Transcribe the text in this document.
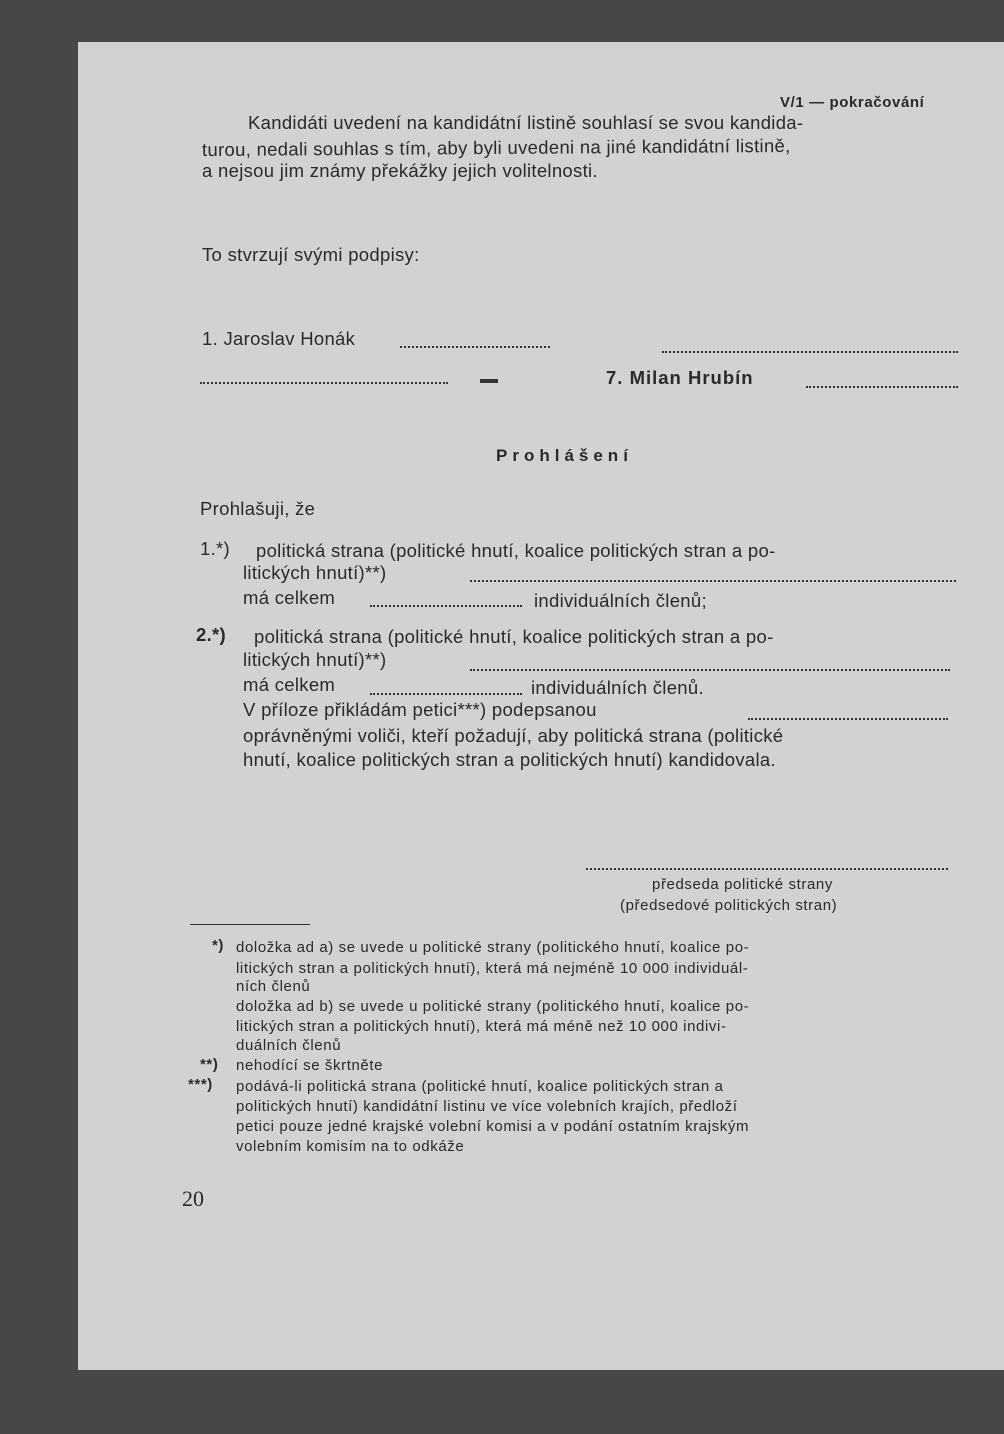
V/1 — pokračování
Kandidáti uvedení na kandidátní listině souhlasí se svou kandida-
turou, nedali souhlas s tím, aby byli uvedeni na jiné kandidátní listině,
a nejsou jim známy překážky jejich volitelnosti.
To stvrzují svými podpisy:
1. Jaroslav Honák
7. Milan Hrubín
Prohlášení
Prohlašuji, že
1.*) politická strana (politické hnutí, koalice politických stran a po-
litických hnutí)**)
má celkem	individuálních členů;
2.*) politická strana (politické hnutí, koalice politických stran a po-
litických hnutí)**)
má celkem	individuálních členů.
V příloze přikládám petici***) podepsanou
oprávněnými voliči, kteří požadují, aby politická strana (politické
hnutí, koalice politických stran a politických hnutí) kandidovala.
předseda politické strany
(předsedové politických stran)
*) doložka ad a) se uvede u politické strany (politického hnutí, koalice po-
litických stran a politických hnutí), která má nejméně 10 000 individuál-
ních členů
doložka ad b) se uvede u politické strany (politického hnutí, koalice po-
litických stran a politických hnutí), která má méně než 10 000 indivi-
duálních členů
**) nehodící se škrtněte
***) podává-li politická strana (politické hnutí, koalice politických stran a
politických hnutí) kandidátní listinu ve více volebních krajích, předloží
petici pouze jedné krajské volební komisi a v podání ostatním krajským
volebním komisím na to odkáže
20
